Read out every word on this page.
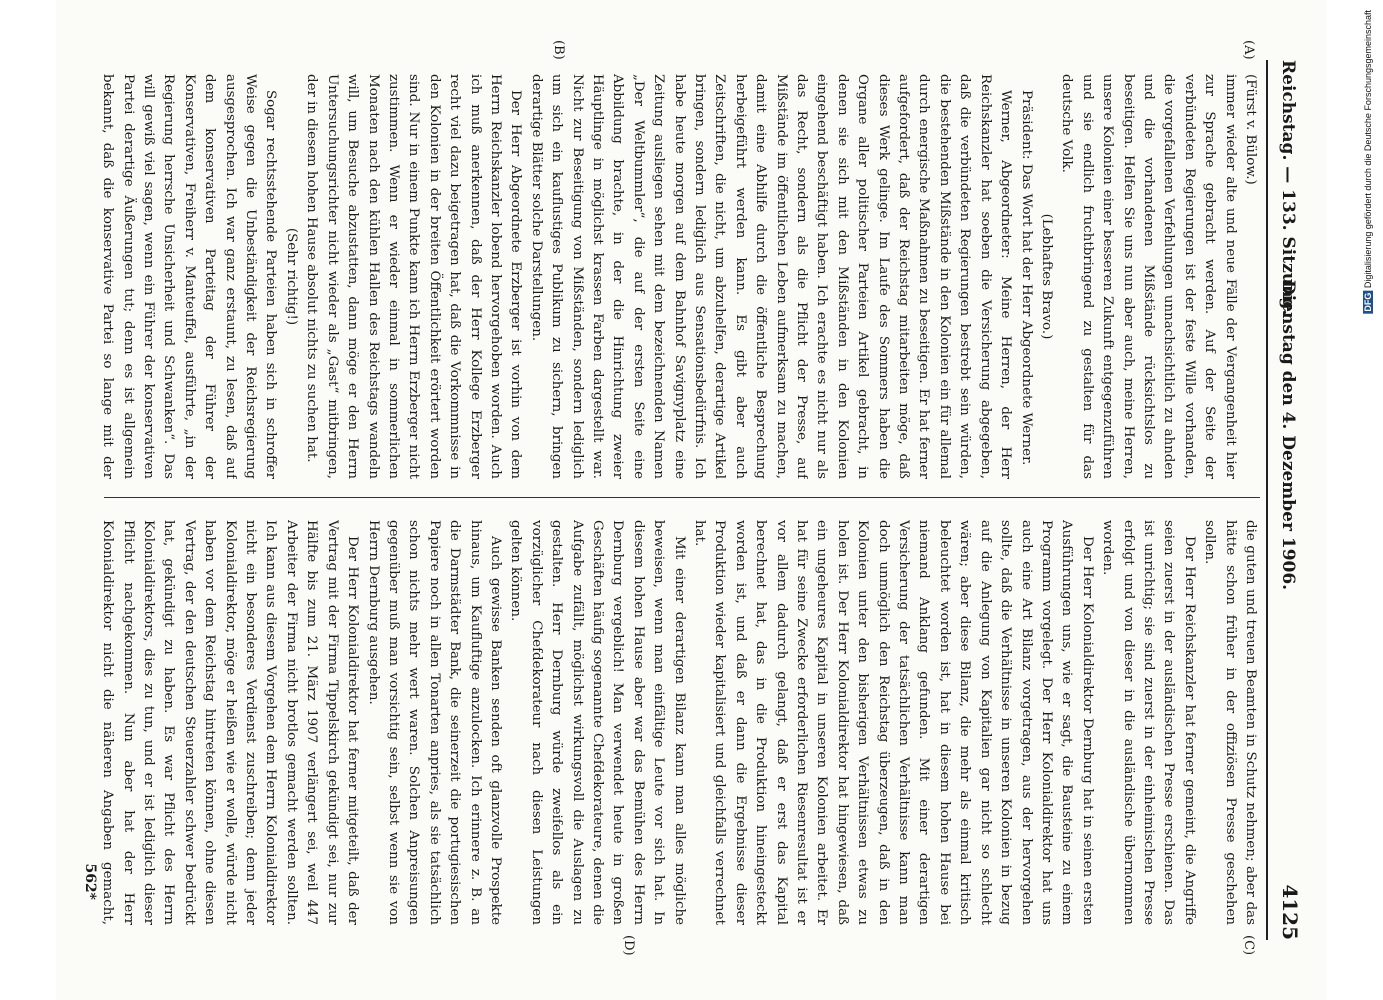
Reichstag. — 133. Sitzung.
Dienstag den 4. Dezember 1906.
4125
(A)
(B)
(C)
(D)

(Fürst v. Bülow.)

immer wieder alte und neue Fälle der Vergangenheit hier zur Sprache gebracht werden. Auf der Seite der verbündeten Regierungen ist der feste Wille vorhanden, die vorgefallenen Verfehlungen unnachsichtlich zu ahnden und die vorhandenen Mißstände rücksichtslos zu beseitigen. Helfen Sie uns nun aber auch, meine Herren, unsere Kolonien einer besseren Zukunft entgegenzuführen und sie endlich fruchtbringend zu gestalten für das deutsche Volk.

(Lebhaftes Bravo.)

Präsident: Das Wort hat der Herr Abgeordnete Werner.

Werner, Abgeordneter: Meine Herren, der Herr Reichskanzler hat soeben die Versicherung abgegeben, daß die verbündeten Regierungen bestrebt sein würden, die bestehenden Mißstände in den Kolonien ein für allemal durch energische Maßnahmen zu beseitigen. Er hat ferner aufgefordert, daß der Reichstag mitarbeiten möge, daß dieses Werk gelinge. Im Laufe des Sommers haben die Organe aller politischer Parteien Artikel gebracht, in denen sie sich mit den Mißständen in den Kolonien eingehend beschäftigt haben. Ich erachte es nicht nur als das Recht, sondern als die Pflicht der Presse, auf Mißstände im öffentlichen Leben aufmerksam zu machen, damit eine Abhilfe durch die öffentliche Besprechung herbeigeführt werden kann. Es gibt aber auch Zeitschriften, die nicht, um abzuhelfen, derartige Artikel bringen, sondern lediglich aus Sensationsbedürfnis. Ich habe heute morgen auf dem Bahnhof Savignyplatz eine Zeitung ausliegen sehen mit dem bezeichnenden Namen „Der Weltbummler“, die auf der ersten Seite eine Abbildung brachte, in der die Hinrichtung zweier Häuptlinge in möglichst krassen Farben dargestellt war. Nicht zur Beseitigung von Mißständen, sondern lediglich um sich ein kauflustiges Publikum zu sichern, bringen derartige Blätter solche Darstellungen.

Der Herr Abgeordnete Erzberger ist vorhin von dem Herrn Reichskanzler lobend hervorgehoben worden. Auch ich muß anerkennen, daß der Herr Kollege Erzberger recht viel dazu beigetragen hat, daß die Vorkommnisse in den Kolonien in der breiten Öffentlichkeit erörtert worden sind. Nur in einem Punkte kann ich Herrn Erzberger nicht zustimmen. Wenn er wieder einmal in sommerlichen Monaten nach den kühlen Hallen des Reichstags wandeln will, um Besuche abzustatten, dann möge er den Herrn Untersuchungsrichter nicht wieder als „Gast“ mitbringen, der in diesem hohen Hause absolut nichts zu suchen hat.

(Sehr richtig!)

Sogar rechtsstehende Parteien haben sich in schroffer Weise gegen die Unbeständigkeit der Reichsregierung ausgesprochen. Ich war ganz erstaunt, zu lesen, daß auf dem konservativen Parteitag der Führer der Konservativen, Freiherr v. Manteuffel, ausführte, „in der Regierung herrsche Unsicherheit und Schwanken“. Das will gewiß viel sagen, wenn ein Führer der konservativen Partei derartige Äußerungen tut; denn es ist allgemein bekannt, daß die konservative Partei so lange mit der

die guten und treuen Beamten in Schutz nehmen; aber das hätte schon früher in der offiziösen Presse geschehen sollen.

Der Herr Reichskanzler hat ferner gemeint, die Angriffe seien zuerst in der ausländischen Presse erschienen. Das ist unrichtig; sie sind zuerst in der einheimischen Presse erfolgt und von dieser in die ausländische übernommen worden.

Der Herr Kolonialdirektor Dernburg hat in seinen ersten Ausführungen uns, wie er sagt, die Bausteine zu einem Programm vorgelegt. Der Herr Kolonialdirektor hat uns auch eine Art Bilanz vorgetragen, aus der hervorgehen sollte, daß die Verhältnisse in unseren Kolonien in bezug auf die Anlegung von Kapitalien gar nicht so schlecht wären; aber diese Bilanz, die mehr als einmal kritisch beleuchtet worden ist, hat in diesem hohen Hause bei niemand Anklang gefunden. Mit einer derartigen Versicherung der tatsächlichen Verhältnisse kann man doch unmöglich den Reichstag überzeugen, daß in den Kolonien unter den bisherigen Verhältnissen etwas zu holen ist. Der Herr Kolonialdirektor hat hingewiesen, daß ein ungeheures Kapital in unseren Kolonien arbeitet. Er hat für seine Zwecke erforderlichen Riesenresultat ist er vor allem dadurch gelangt, daß er erst das Kapital berechnet hat, das in die Produktion hineingesteckt worden ist, und daß er dann die Ergebnisse dieser Produktion wieder kapitalisiert und gleichfalls verrechnet hat.

Mit einer derartigen Bilanz kann man alles mögliche beweisen, wenn man einfältige Leute vor sich hat. In diesem hohen Hause aber war das Bemühen des Herrn Dernburg vergeblich! Man verwendet heute in großen Geschäften häufig sogenannte Chefdekorateure, denen die Aufgabe zufällt, möglichst wirkungsvoll die Auslagen zu gestalten. Herr Dernburg würde zweifellos als ein vorzüglicher Chefdekorateur nach diesen Leistungen gelten können.

Auch gewisse Banken senden oft glanzvolle Prospekte hinaus, um Kaufluftige anzulocken. Ich erinnere z. B. an die Darmstädter Bank, die seinerzeit die portugiesischen Papiere noch in allen Tonarten anpries, als sie tatsächlich schon nichts mehr wert waren. Solchen Anpreisungen gegenüber muß man vorsichtig sein, selbst wenn sie von Herrn Dernburg ausgehen.

Der Herr Kolonialdirektor hat ferner mitgeteilt, daß der Vertrag mit der Firma Tippelskirch gekündigt sei, nur zur Hälfte bis zum 21. März 1907 verlängert sei, weil 447 Arbeiter der Firma nicht brotlos gemacht werden sollten. Ich kann aus diesem Vorgehen dem Herrn Kolonialdirektor nicht ein besonderes Verdienst zuschreiben; denn jeder Kolonialdirektor, möge er heißen wie er wolle, würde nicht haben vor dem Reichstag hintreten können, ohne diesen Vertrag, der den deutschen Steuerzahler schwer bedrückt hat, gekündigt zu haben. Es war Pflicht des Herrn Kolonialdirektors, dies zu tun, und er ist lediglich dieser Pflicht nachgekommen. Nun aber hat der Herr Kolonialdirektor nicht die näheren Angaben gemacht,

562*
DFG Digitalisierung gefördert durch die Deutsche Forschungsgemeinschaft
